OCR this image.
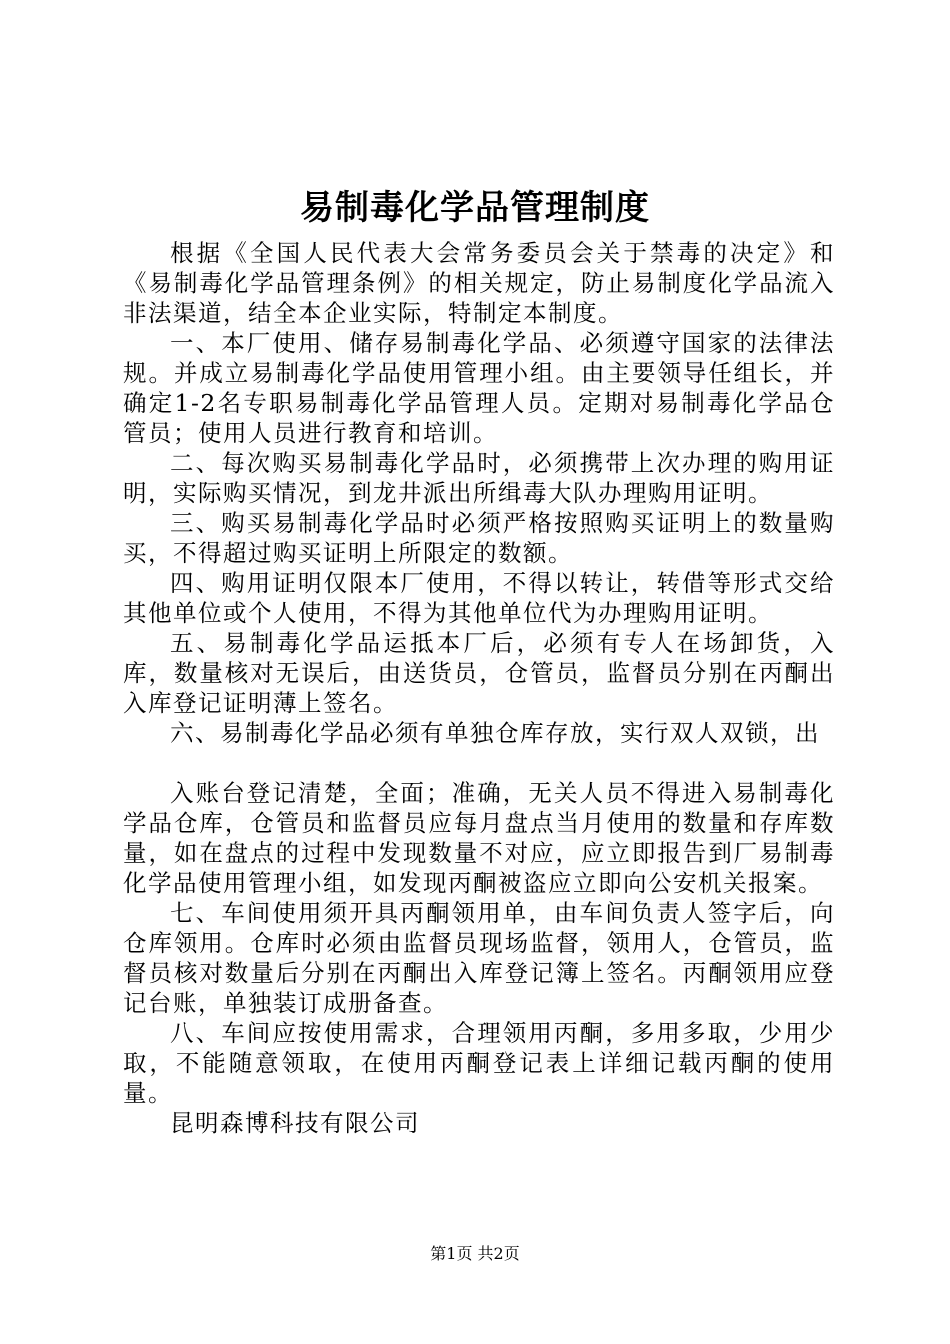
易制毒化学品管理制度

根据《全国人民代表大会常务委员会关于禁毒的决定》和《易制毒化学品管理条例》的相关规定，防止易制度化学品流入非法渠道，结全本企业实际，特制定本制度。

一、本厂使用、储存易制毒化学品、必须遵守国家的法律法规。并成立易制毒化学品使用管理小组。由主要领导任组长，并确定1-2名专职易制毒化学品管理人员。定期对易制毒化学品仓管员；使用人员进行教育和培训。

二、每次购买易制毒化学品时，必须携带上次办理的购用证明，实际购买情况，到龙井派出所缉毒大队办理购用证明。

三、购买易制毒化学品时必须严格按照购买证明上的数量购买，不得超过购买证明上所限定的数额。

四、购用证明仅限本厂使用，不得以转让，转借等形式交给其他单位或个人使用，不得为其他单位代为办理购用证明。

五、易制毒化学品运抵本厂后，必须有专人在场卸货，入库，数量核对无误后，由送货员，仓管员，监督员分别在丙酮出入库登记证明薄上签名。

六、易制毒化学品必须有单独仓库存放，实行双人双锁，出

入账台登记清楚，全面；准确，无关人员不得进入易制毒化学品仓库，仓管员和监督员应每月盘点当月使用的数量和存库数量，如在盘点的过程中发现数量不对应，应立即报告到厂易制毒化学品使用管理小组，如发现丙酮被盗应立即向公安机关报案。

七、车间使用须开具丙酮领用单，由车间负责人签字后，向仓库领用。仓库时必须由监督员现场监督，领用人，仓管员，监督员核对数量后分别在丙酮出入库登记簿上签名。丙酮领用应登记台账，单独装订成册备查。

八、车间应按使用需求，合理领用丙酮，多用多取，少用少取，不能随意领取，在使用丙酮登记表上详细记载丙酮的使用量。

昆明森博科技有限公司

第1页 共2页
